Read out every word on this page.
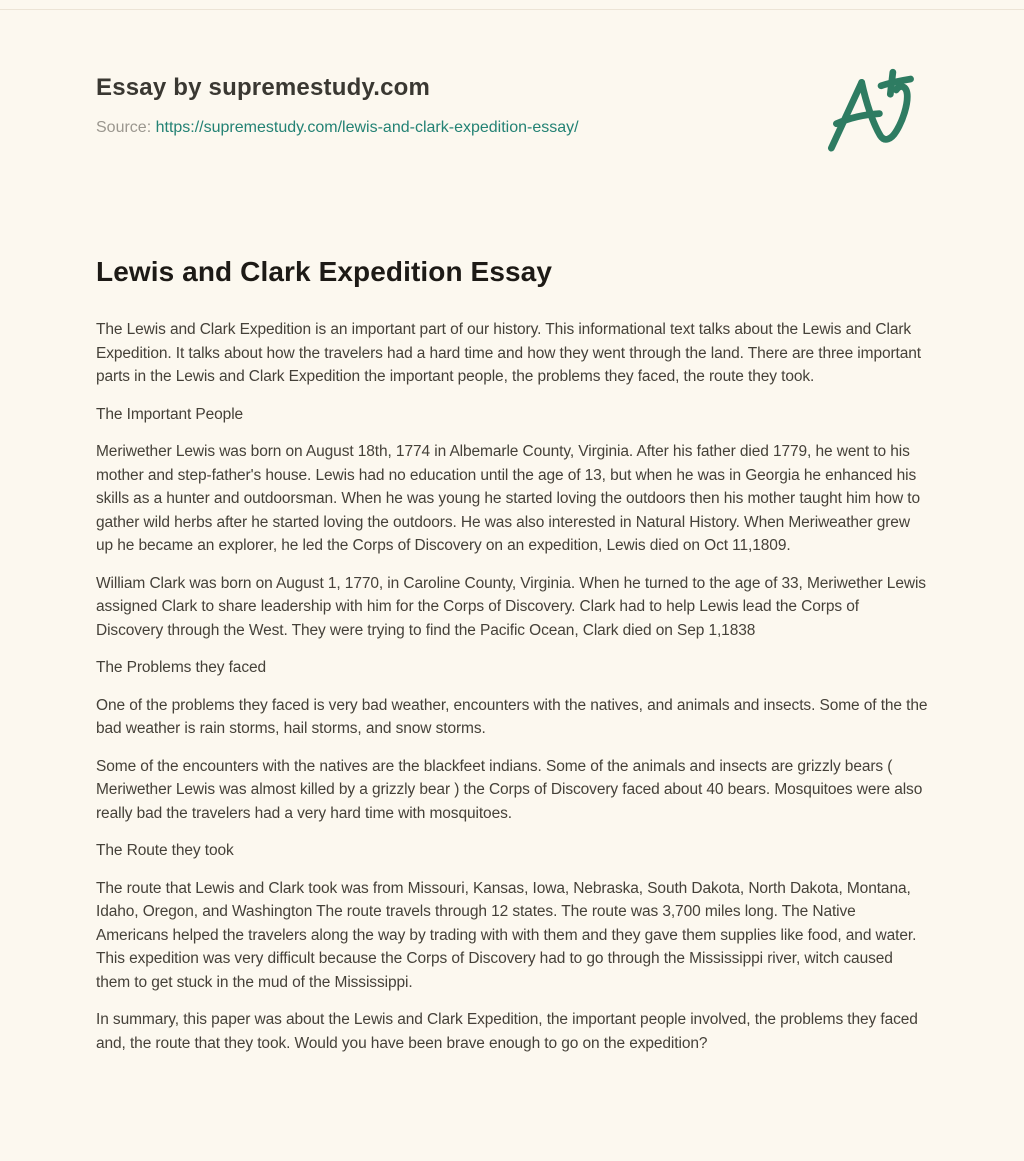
Essay by supremestudy.com
Source: https://supremestudy.com/lewis-and-clark-expedition-essay/
Lewis and Clark Expedition Essay

The Lewis and Clark Expedition is an important part of our history. This informational text talks about the Lewis and Clark Expedition. It talks about how the travelers had a hard time and how they went through the land. There are three important parts in the Lewis and Clark Expedition the important people, the problems they faced, the route they took.

The Important People

Meriwether Lewis was born on August 18th, 1774 in Albemarle County, Virginia. After his father died 1779, he went to his mother and step-father's house. Lewis had no education until the age of 13, but when he was in Georgia he enhanced his skills as a hunter and outdoorsman. When he was young he started loving the outdoors then his mother taught him how to gather wild herbs after he started loving the outdoors. He was also interested in Natural History. When Meriweather grew up he became an explorer, he led the Corps of Discovery on an expedition, Lewis died on Oct 11,1809.

William Clark was born on August 1, 1770, in Caroline County, Virginia. When he turned to the age of 33, Meriwether Lewis assigned Clark to share leadership with him for the Corps of Discovery. Clark had to help Lewis lead the Corps of Discovery through the West. They were trying to find the Pacific Ocean, Clark died on Sep 1,1838

The Problems they faced

One of the problems they faced is very bad weather, encounters with the natives, and animals and insects. Some of the the bad weather is rain storms, hail storms, and snow storms.

Some of the encounters with the natives are the blackfeet indians. Some of the animals and insects are grizzly bears ( Meriwether Lewis was almost killed by a grizzly bear ) the Corps of Discovery faced about 40 bears. Mosquitoes were also really bad the travelers had a very hard time with mosquitoes.

The Route they took

The route that Lewis and Clark took was from Missouri, Kansas, Iowa, Nebraska, South Dakota, North Dakota, Montana, Idaho, Oregon, and Washington The route travels through 12 states. The route was 3,700 miles long. The Native Americans helped the travelers along the way by trading with with them and they gave them supplies like food, and water. This expedition was very difficult because the Corps of Discovery had to go through the Mississippi river, witch caused them to get stuck in the mud of the Mississippi.

In summary, this paper was about the Lewis and Clark Expedition, the important people involved, the problems they faced and, the route that they took. Would you have been brave enough to go on the expedition?
